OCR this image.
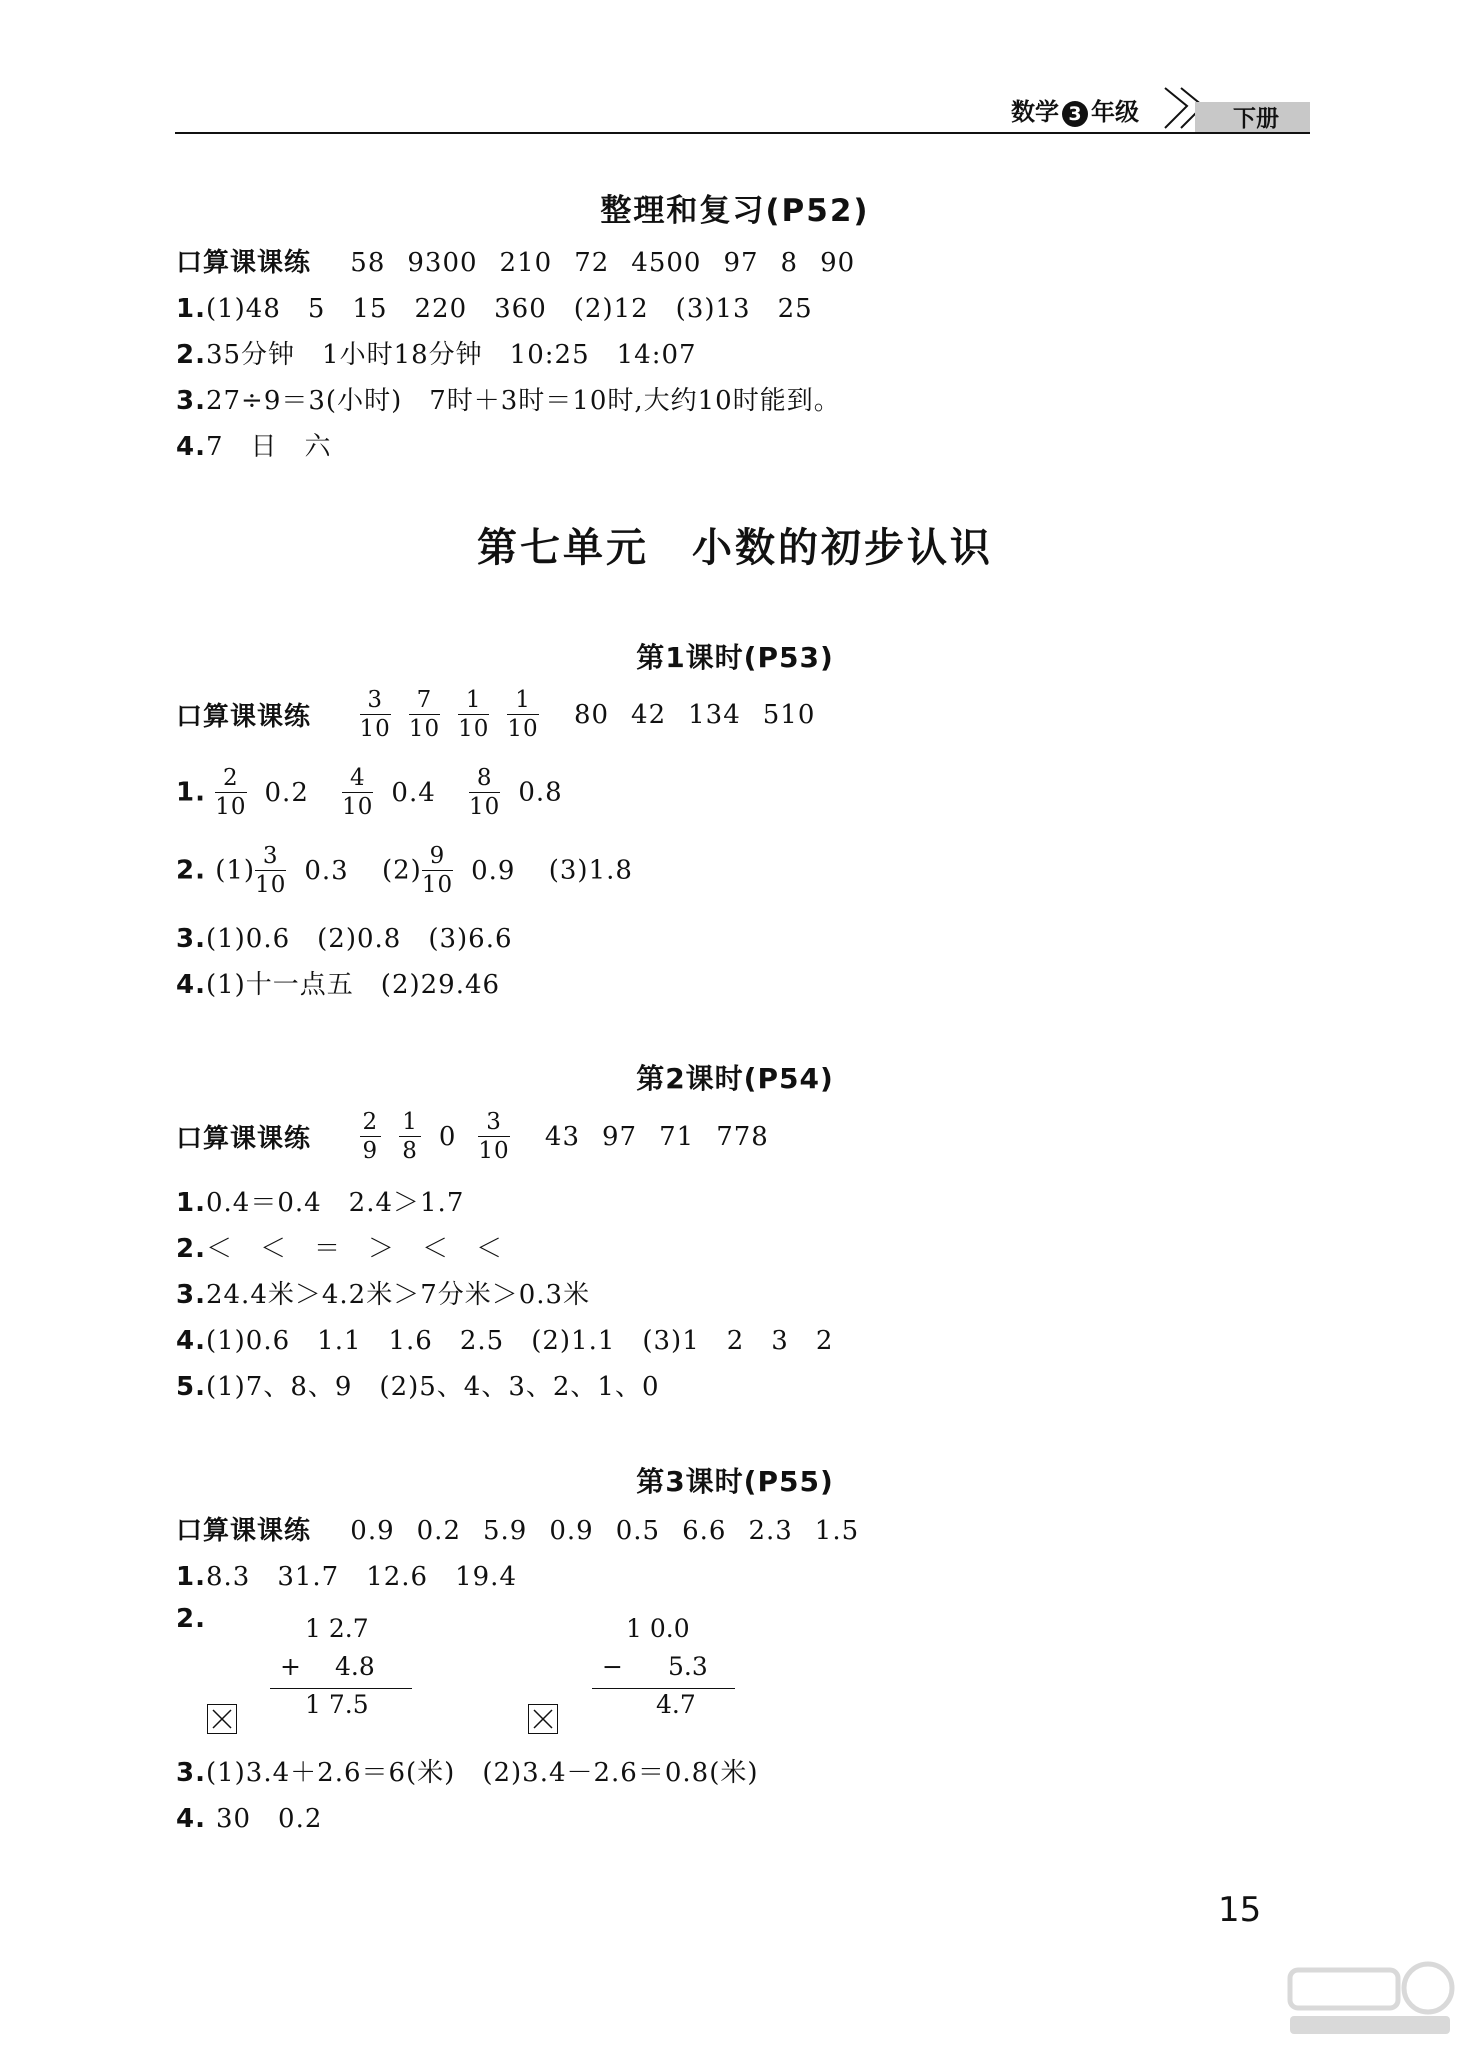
数学 3 年级	下册
整理和复习(P52)
口算课课练 58 9300 210 72 4500 97 8 90
1.(1)48　5　15　220　360　(2)12　(3)13　25
2.35分钟　1小时18分钟　10:25　14:07
3.27÷9＝3(小时)　7时＋3时＝10时,大约10时能到。
4.7　日　六
第七单元　小数的初步认识
第1课时(P53)
口算课课练 $\frac{3}{10} \frac{7}{10} \frac{1}{10} \frac{1}{10} 80$ 42 134 510
1. $\frac{2}{10} 0.2 \frac{4}{10} 0.4 \frac{8}{10} 0.8$
2. $(1) \frac{3}{10} 0.3$ $(2) \frac{9}{10} 0.9$ (3)1.8
3.(1)0.6　(2)0.8　(3)6.6
4.(1)十一点五　(2)29.46
第2课时(P54)
口算课课练 $\frac{2}{9} \frac{1}{8} 0 \frac{3}{10} 43$ 97 71 778
1.0.4＝0.4　2.4＞1.7
2.＜　＜　＝　＞　＜　＜
3.24.4米＞4.2米＞7分米＞0.3米
4.(1)0.6　1.1　1.6　2.5　(2)1.1　(3)1　2　3　2
5.(1)7、8、9　(2)5、4、3、2、1、0
第3课时(P55)
口算课课练 0.9 0.2 5.9 0.9 0.5 6.6 2.3 1.5
1.8.3　31.7　12.6　19.4
2.	1 2.7
+ 4.8
1 7.5
1 0.0
− 5.3
4.7
3.(1)3.4＋2.6＝6(米)　(2)3.4－2.6＝0.8(米)
4. 30　0.2
15
